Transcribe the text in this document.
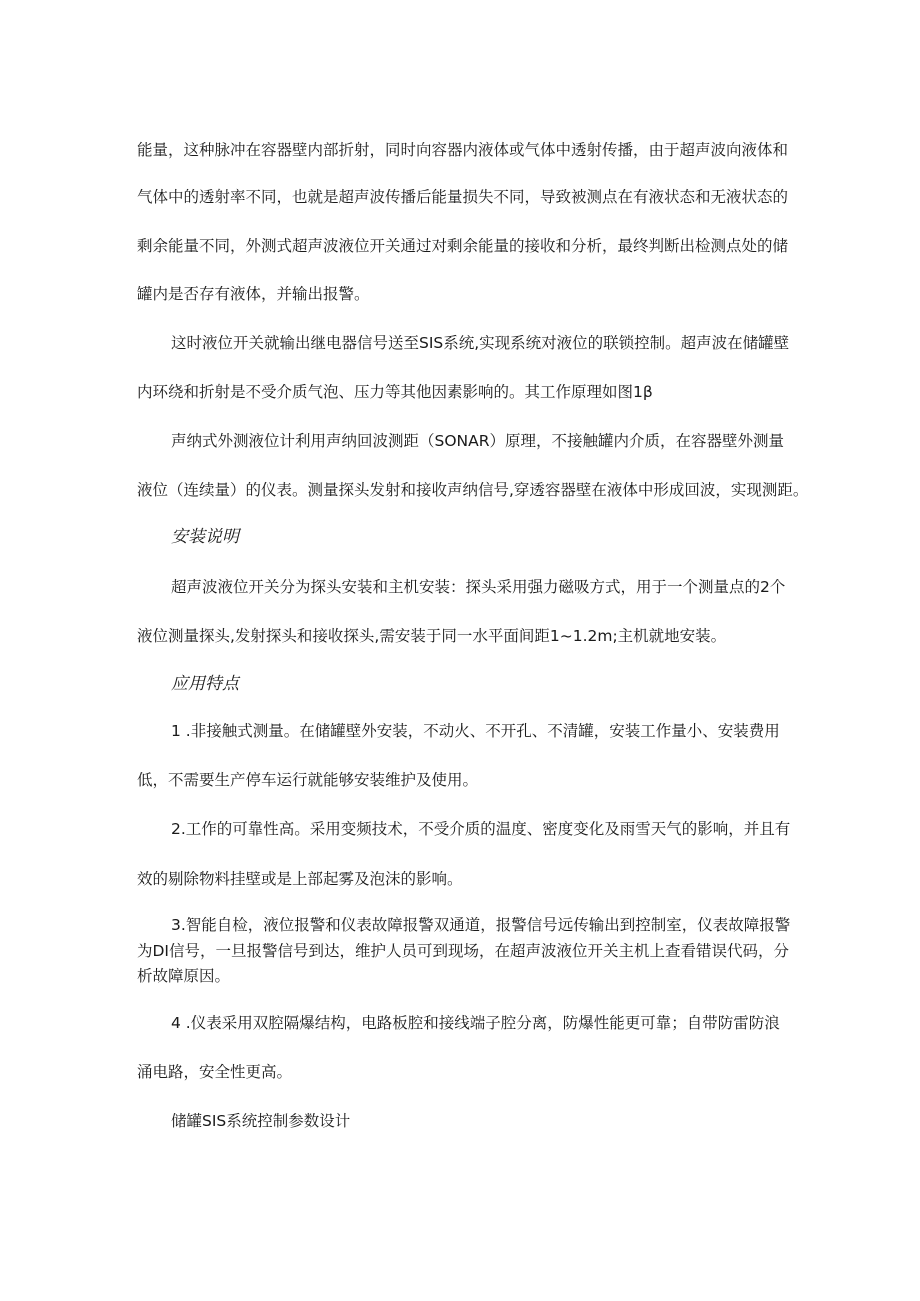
能量，这种脉冲在容器壁内部折射，同时向容器内液体或气体中透射传播，由于超声波向液体和
气体中的透射率不同，也就是超声波传播后能量损失不同，导致被测点在有液状态和无液状态的
剩余能量不同，外测式超声波液位开关通过对剩余能量的接收和分析，最终判断出检测点处的储
罐内是否存有液体，并输出报警。
这时液位开关就输出继电器信号送至SIS系统,实现系统对液位的联锁控制。超声波在储罐壁
内环绕和折射是不受介质气泡、压力等其他因素影响的。其工作原理如图1β
声纳式外测液位计利用声纳回波测距（SONAR）原理，不接触罐内介质，在容器壁外测量
液位（连续量）的仪表。测量探头发射和接收声纳信号,穿透容器壁在液体中形成回波，实现测距。
安装说明
超声波液位开关分为探头安装和主机安装：探头采用强力磁吸方式，用于一个测量点的2个
液位测量探头,发射探头和接收探头,需安装于同一水平面间距1~1.2m;主机就地安装。
应用特点
1 .非接触式测量。在储罐壁外安装，不动火、不开孔、不清罐，安装工作量小、安装费用
低，不需要生产停车运行就能够安装维护及使用。
2.工作的可靠性高。采用变频技术，不受介质的温度、密度变化及雨雪天气的影响，并且有
效的剔除物料挂壁或是上部起雾及泡沫的影响。
3.智能自检，液位报警和仪表故障报警双通道，报警信号远传输出到控制室，仪表故障报警
为DI信号，一旦报警信号到达，维护人员可到现场，在超声波液位开关主机上查看错误代码，分
析故障原因。
4 .仪表采用双腔隔爆结构，电路板腔和接线端子腔分离，防爆性能更可靠；自带防雷防浪
涌电路，安全性更高。
储罐SIS系统控制参数设计
